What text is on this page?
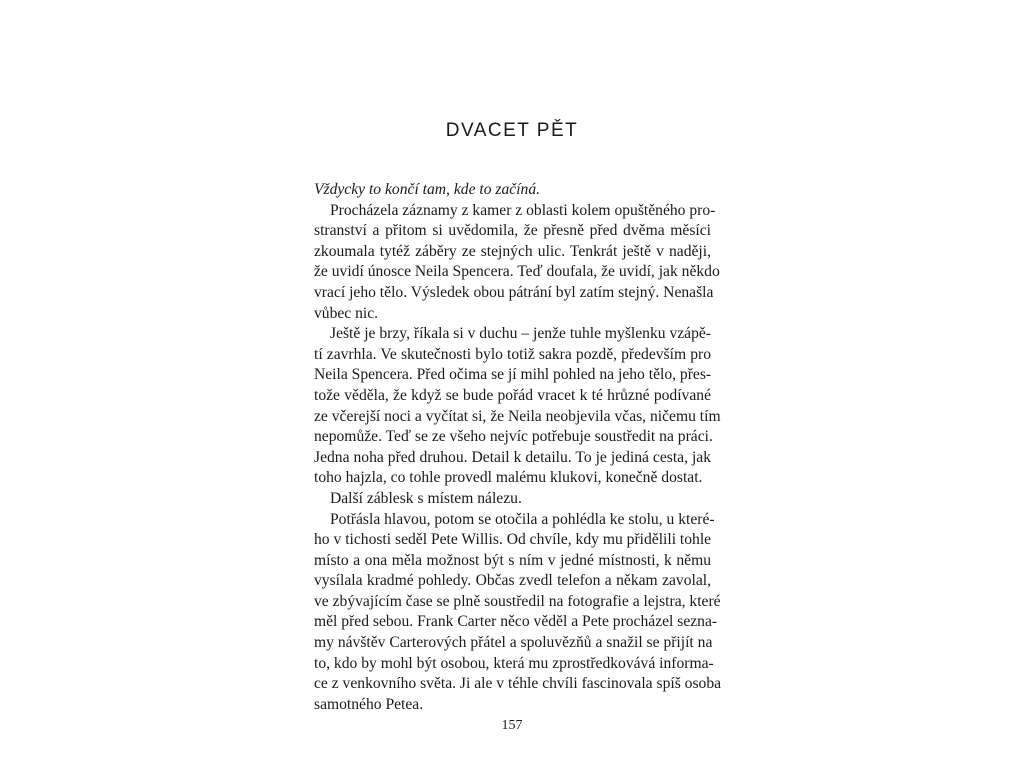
DVACET PĚT

Vždycky to končí tam, kde to začíná.

Procházela záznamy z kamer z oblasti kolem opuštěného pro-
stranství a přitom si uvědomila, že přesně před dvěma měsíci
zkoumala tytéž záběry ze stejných ulic. Tenkrát ještě v naději,
že uvidí únosce Neila Spencera. Teď doufala, že uvidí, jak někdo
vrací jeho tělo. Výsledek obou pátrání byl zatím stejný. Nenašla
vůbec nic.

Ještě je brzy, říkala si v duchu – jenže tuhle myšlenku vzápě-
tí zavrhla. Ve skutečnosti bylo totiž sakra pozdě, především pro
Neila Spencera. Před očima se jí mihl pohled na jeho tělo, přes-
tože věděla, že když se bude pořád vracet k té hrůzné podívané
ze včerejší noci a vyčítat si, že Neila neobjevila včas, ničemu tím
nepomůže. Teď se ze všeho nejvíc potřebuje soustředit na práci.
Jedna noha před druhou. Detail k detailu. To je jediná cesta, jak
toho hajzla, co tohle provedl malému klukovi, konečně dostat.

Další záblesk s místem nálezu.

Potřásla hlavou, potom se otočila a pohlédla ke stolu, u které-
ho v tichosti seděl Pete Willis. Od chvíle, kdy mu přidělili tohle
místo a ona měla možnost být s ním v jedné místnosti, k němu
vysílala kradmé pohledy. Občas zvedl telefon a někam zavolal,
ve zbývajícím čase se plně soustředil na fotografie a lejstra, které
měl před sebou. Frank Carter něco věděl a Pete procházel sezna-
my návštěv Carterových přátel a spoluvězňů a snažil se přijít na
to, kdo by mohl být osobou, která mu zprostředkovává informa-
ce z venkovního světa. Ji ale v téhle chvíli fascinovala spíš osoba
samotného Petea.

157
